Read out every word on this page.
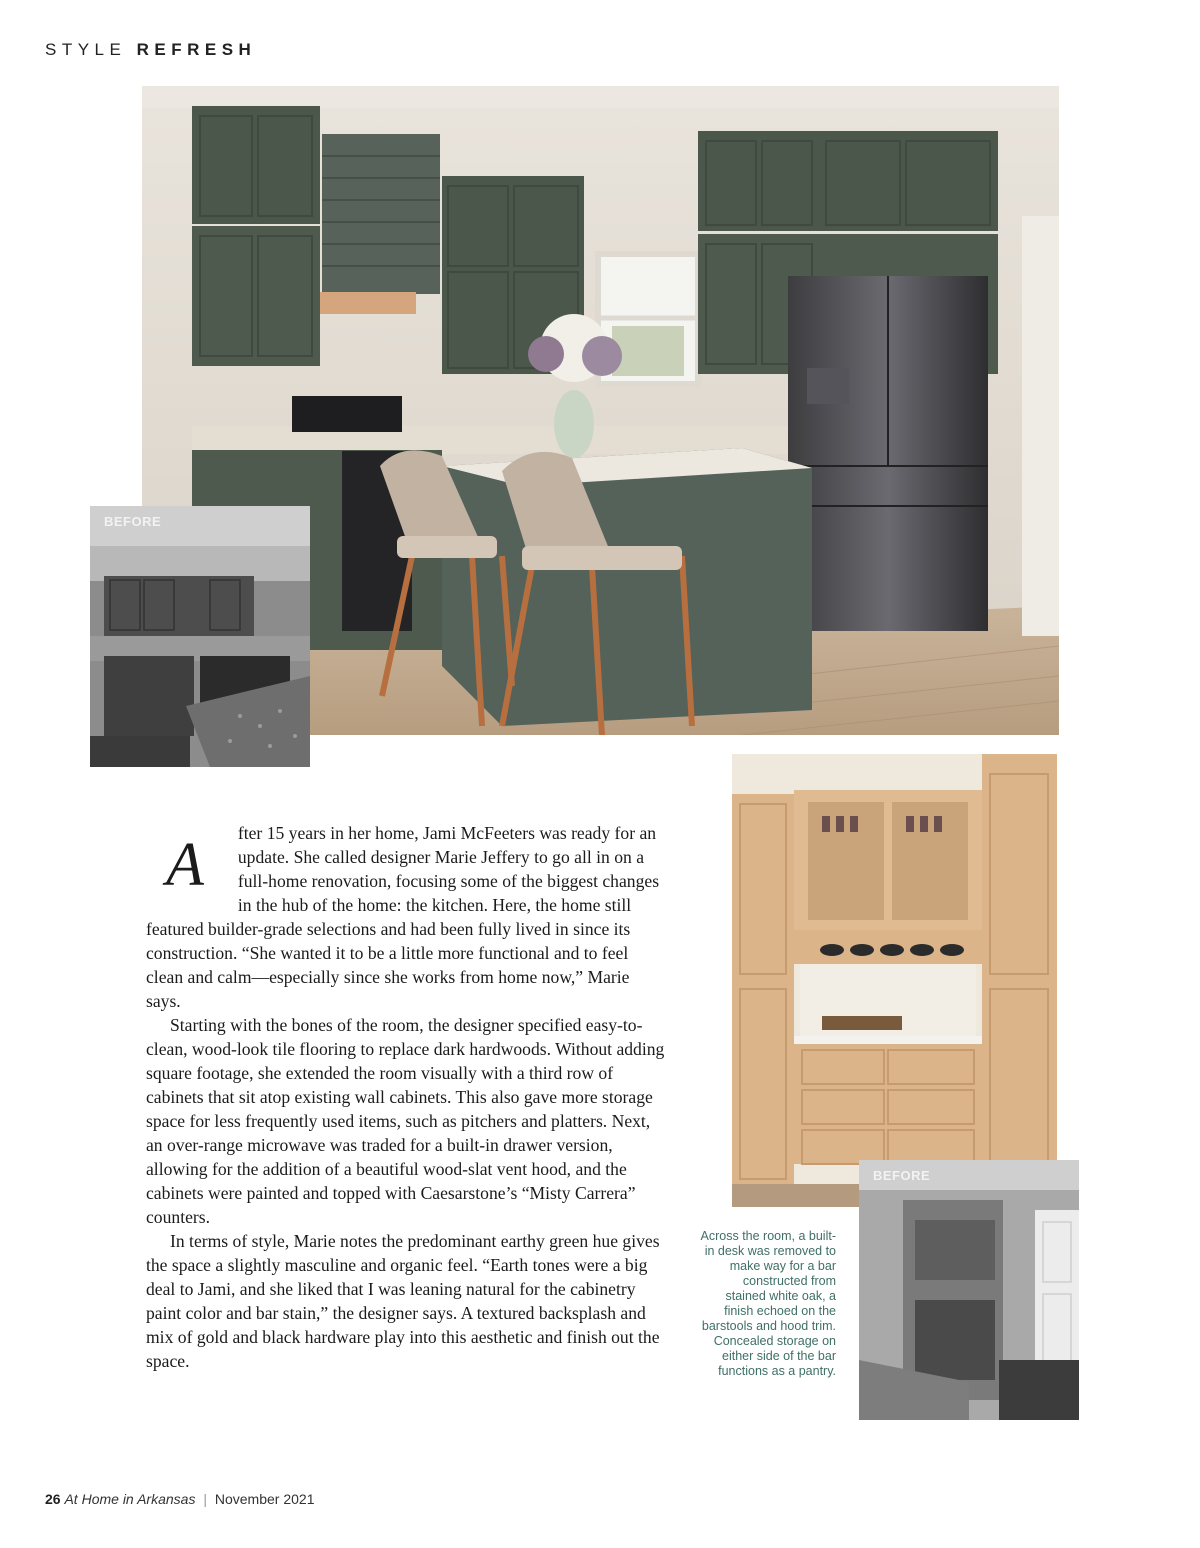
STYLE REFRESH
BEFORE
BEFORE

A	fter 15 years in her home, Jami McFeeters was ready for an update. She called designer Marie Jeffery to go all in on a full-home renovation, focusing some of the biggest changes in the hub of the home: the kitchen. Here, the home still featured builder-grade selections and had been fully lived in since its construction. “She wanted it to be a little more functional and to feel clean and calm—especially since she works from home now,” Marie says.

Starting with the bones of the room, the designer specified easy-to-clean, wood-look tile flooring to replace dark hardwoods. Without adding square footage, she extended the room visually with a third row of cabinets that sit atop existing wall cabinets. This also gave more storage space for less frequently used items, such as pitchers and platters. Next, an over-range microwave was traded for a built-in drawer version, allowing for the addition of a beautiful wood-slat vent hood, and the cabinets were painted and topped with Caesarstone’s “Misty Carrera” counters.

In terms of style, Marie notes the predominant earthy green hue gives the space a slightly masculine and organic feel. “Earth tones were a big deal to Jami, and she liked that I was leaning natural for the cabinetry paint color and bar stain,” the designer says. A textured backsplash and mix of gold and black hardware play into this aesthetic and finish out the space.

Across the room, a built-in desk was removed to make way for a bar constructed from stained white oak, a finish echoed on the barstools and hood trim. Concealed storage on either side of the bar functions as a pantry.
26 At Home in Arkansas | November 2021
